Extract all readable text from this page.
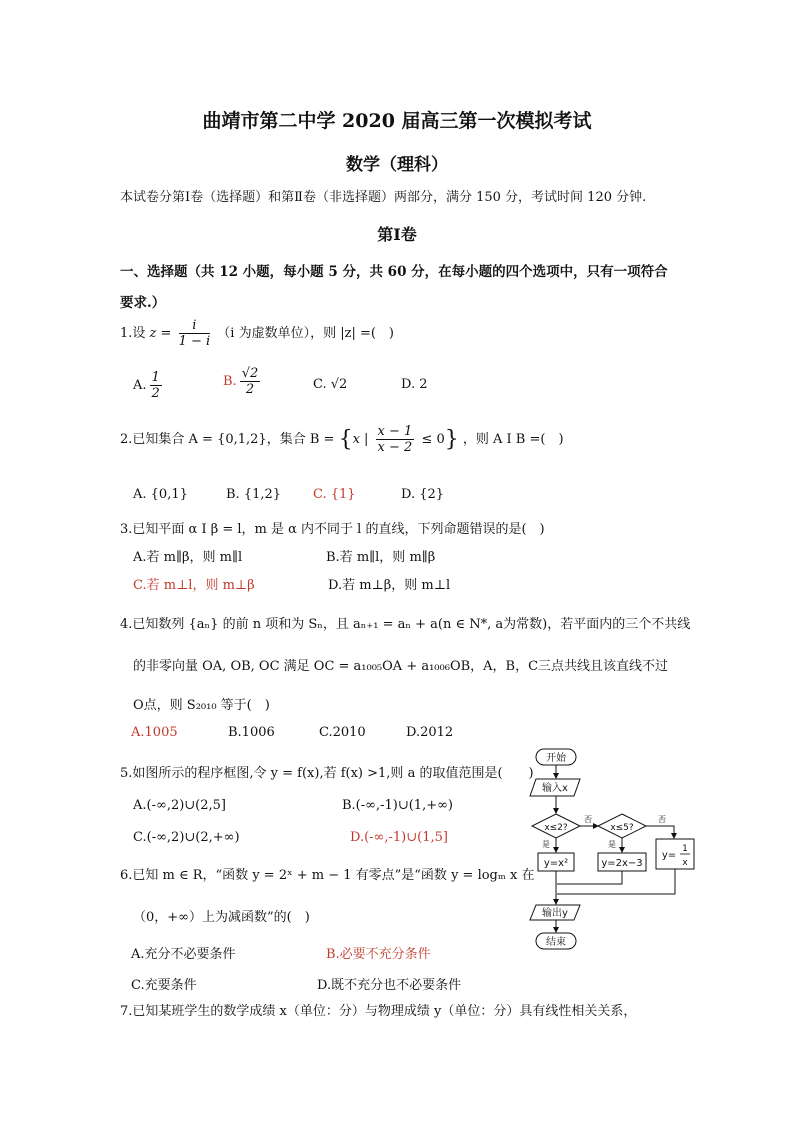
曲靖市第二中学 2020 届高三第一次模拟考试
数学（理科）
本试卷分第Ⅰ卷（选择题）和第Ⅱ卷（非选择题）两部分，满分 150 分，考试时间 120 分钟.
第Ⅰ卷
一、选择题（共 12 小题，每小题 5 分，共 60 分，在每小题的四个选项中，只有一项符合
要求.）
1.设 $z = \frac{i}{1 - i} (i$ 为虚数单位），则 |z| =(　)
A. $\frac{1}{2}$	B. $\frac{√2}{2}$	C. √2	D. 2
2.已知集合 A = {0,1,2}，集合 B = {x | $\frac{x - 1}{x - 2} \le 0$} ，则 A I B =(　)
A. {0,1}	B. {1,2} C. {1}	D. {2}
3.已知平面 α I β = l，m 是 α 内不同于 l 的直线，下列命题错误的是(　)
A.若 m∥β，则 m∥l	B.若 m∥l，则 m∥β
C.若 m⊥l，则 m⊥β	D.若 m⊥β，则 m⊥l
4.已知数列 {aₙ} 的前 n 项和为 Sₙ，且 aₙ₊₁ = aₙ + a(n ∈ N*, a为常数)，若平面内的三个不共线
的非零向量 OA, OB, OC 满足 OC = a₁₀₀₅OA + a₁₀₀₆OB，A，B，C三点共线且该直线不过
O点，则 S₂₀₁₀ 等于(　)
A.1005	B.1006	C.2010	D.2012
5.如图所示的程序框图,令 y = f(x),若 f(x) >1,则 a 的取值范围是(　　)
A.(-∞,2)∪(2,5]	B.(-∞,-1)∪(1,+∞)
C.(-∞,2)∪(2,+∞)	D.(-∞,-1)∪(1,5]
6.已知 m ∈ R，“函数 y = 2ˣ + m − 1 有零点”是“函数 y = logₘ x 在
（0，+∞）上为减函数”的(　)
A.充分不必要条件	B.必要不充分条件
C.充要条件	D.既不充分也不必要条件
7.已知某班学生的数学成绩 x（单位：分）与物理成绩 y（单位：分）具有线性相关关系，
开始
输入x
x≤2?	x≤5?
否	否
是	是
y=x²	y=2x−3
y=
1
x
输出y
结束
